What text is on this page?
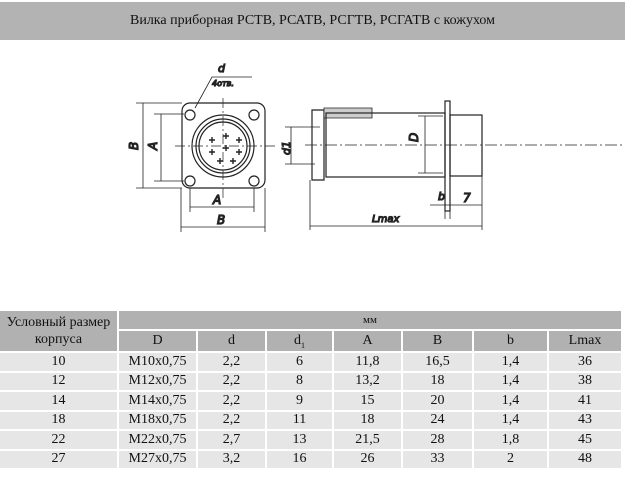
Вилка приборная РСТВ, РСАТВ, РСГТВ, РСГАТВ с кожухом
d
4отв.
B A
A
B
d1
D
b 7
Lmax
Условный размер корпуса	мм						
	D	d	$d_1$	A	B	b	Lmax
10	M10x0,75	2,2	6	11,8	16,5	1,4	36
12	M12x0,75	2,2	8	13,2	18	1,4	38
14	M14x0,75	2,2	9	15	20	1,4	41
18	M18x0,75	2,2	11	18	24	1,4	43
22	M22x0,75	2,7	13	21,5	28	1,8	45
27	M27x0,75	3,2	16	26	33	2	48
